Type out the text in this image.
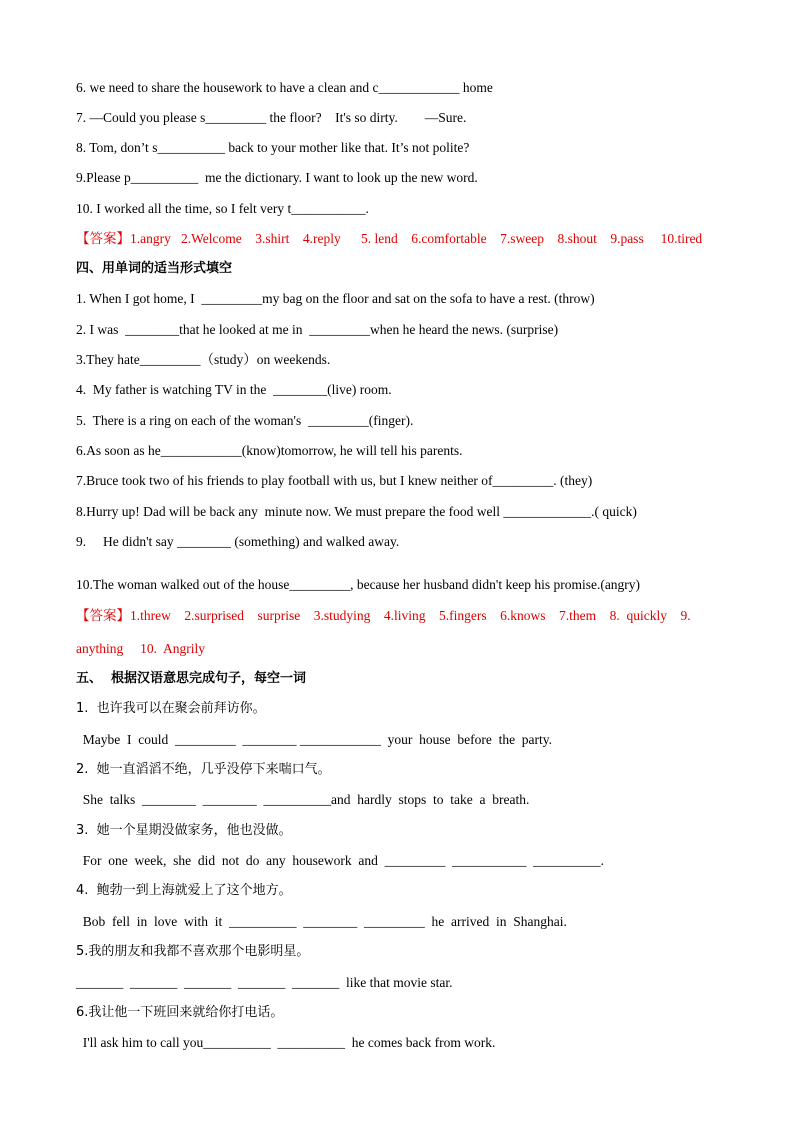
6. we need to share the housework to have a clean and c____________ home
7. —Could you please s_________ the floor?    It's so dirty.        —Sure.
8. Tom, don’t s__________ back to your mother like that. It’s not polite?
9.Please p__________  me the dictionary. I want to look up the new word.
10. I worked all the time, so I felt very t___________.
【答案】1.angry   2.Welcome    3.shirt    4.reply      5. lend    6.comfortable    7.sweep    8.shout    9.pass     10.tired
四、用单词的适当形式填空
1. When I got home, I  _________my bag on the floor and sat on the sofa to have a rest. (throw)
2. I was  ________that he looked at me in  _________when he heard the news. (surprise)
3.They hate_________（study）on weekends.
4.  My father is watching TV in the  ________(live) room.
5.  There is a ring on each of the woman's  _________(finger).
6.As soon as he____________(know)tomorrow, he will tell his parents.
7.Bruce took two of his friends to play football with us, but I knew neither of_________. (they)
8.Hurry up! Dad will be back any  minute now. We must prepare the food well _____________.( quick)
9.     He didn't say ________ (something) and walked away.
10.The woman walked out of the house_________, because her husband didn't keep his promise.(angry)
【答案】1.threw    2.surprised    surprise    3.studying    4.living    5.fingers    6.knows    7.them    8.  quickly    9.
anything     10.  Angrily
五、  根据汉语意思完成句子，每空一词
1.  也许我可以在聚会前拜访你。
Maybe  I  could  _________  ________ ____________  your  house  before  the  party.
2.  她一直滔滔不绝，几乎没停下来喘口气。
She  talks  ________  ________  __________and  hardly  stops  to  take  a  breath.
3.  她一个星期没做家务，他也没做。
For  one  week,  she  did  not  do  any  housework  and  _________  ___________  __________.
4.  鲍勃一到上海就爱上了这个地方。
Bob  fell  in  love  with  it  __________  ________  _________  he  arrived  in  Shanghai.
5.我的朋友和我都不喜欢那个电影明星。
_______  _______  _______  _______  _______  like that movie star.
6.我让他一下班回来就给你打电话。
I'll ask him to call you__________  __________  he comes back from work.
